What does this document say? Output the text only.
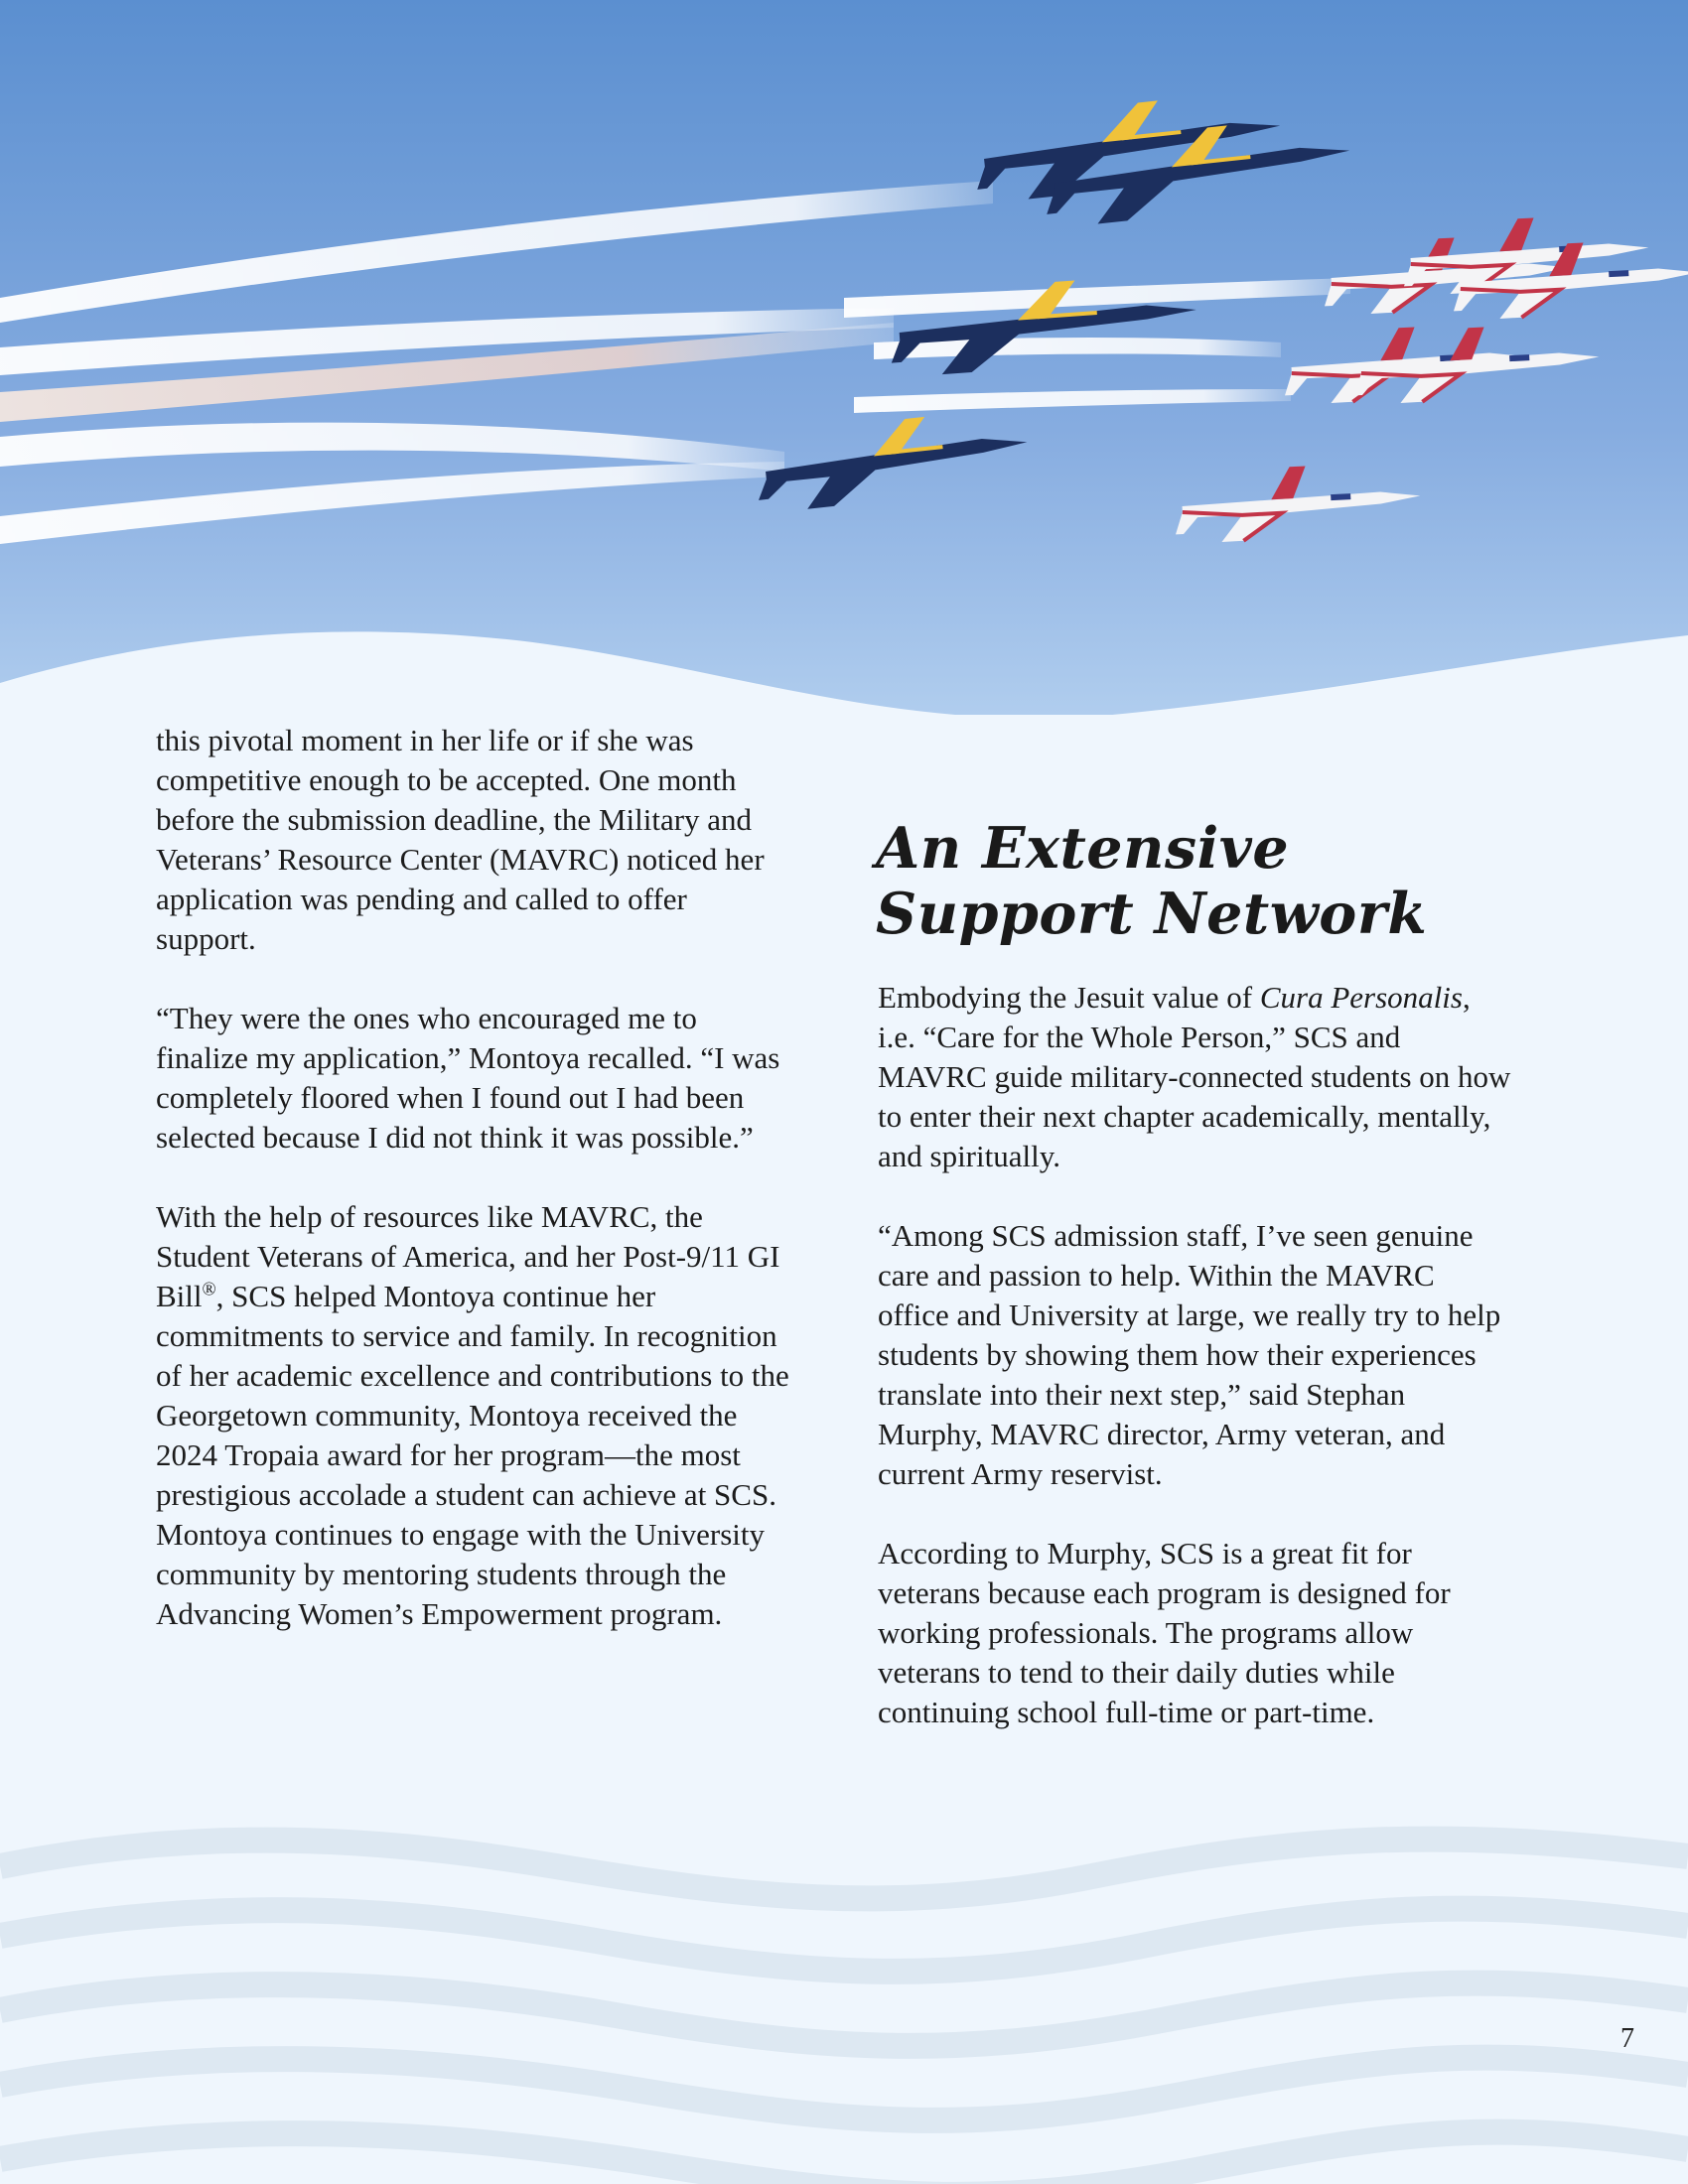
this pivotal moment in her life or if she was competitive enough to be accepted. One month before the submission deadline, the Military and Veterans’ Resource Center (MAVRC) noticed her application was pending and called to offer support.

“They were the ones who encouraged me to finalize my application,” Montoya recalled. “I was completely floored when I found out I had been selected because I did not think it was possible.”

With the help of resources like MAVRC, the Student Veterans of America, and her Post-9/11 GI Bill®, SCS helped Montoya continue her commitments to service and family. In recognition of her academic excellence and contributions to the Georgetown community, Montoya received the 2024 Tropaia award for her program—the most prestigious accolade a student can achieve at SCS. Montoya continues to engage with the University community by mentoring students through the Advancing Women’s Empowerment program.

An Extensive Support Network

Embodying the Jesuit value of Cura Personalis, i.e. “Care for the Whole Person,” SCS and MAVRC guide military-connected students on how to enter their next chapter academically, mentally, and spiritually.

“Among SCS admission staff, I’ve seen genuine care and passion to help. Within the MAVRC office and University at large, we really try to help students by showing them how their experiences translate into their next step,” said Stephan Murphy, MAVRC director, Army veteran, and current Army reservist.

According to Murphy, SCS is a great fit for veterans because each program is designed for working professionals. The programs allow veterans to tend to their daily duties while continuing school full-time or part-time.

7
